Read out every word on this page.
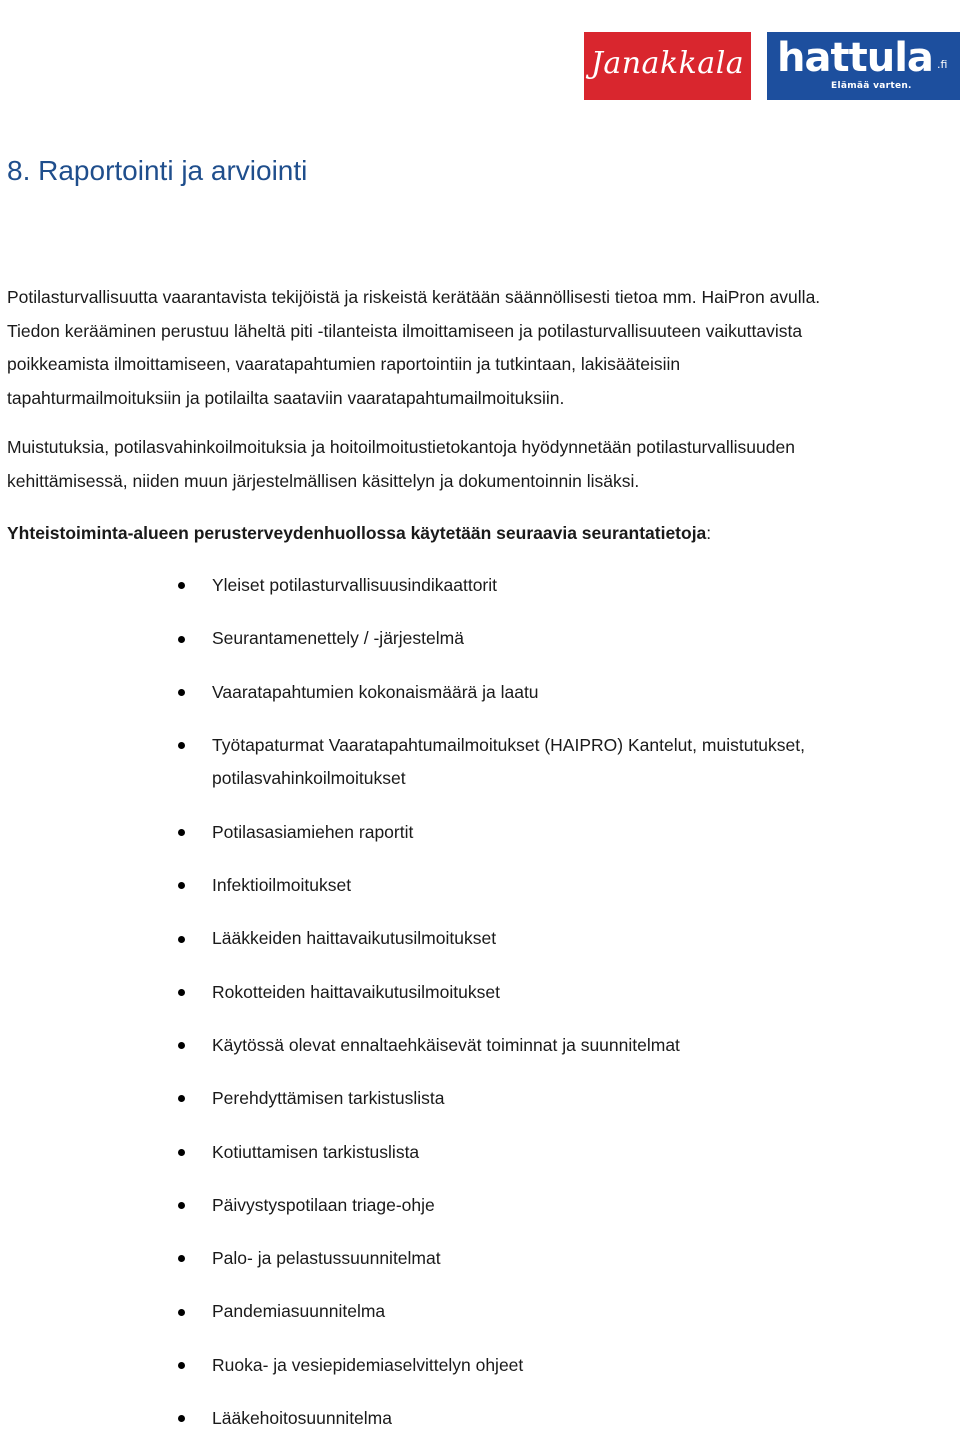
Janakkala hattula .fi
Elämää varten.
8. Raportointi ja arviointi

Potilasturvallisuutta vaarantavista tekijöistä ja riskeistä kerätään säännöllisesti tietoa mm. HaiPron avulla.
Tiedon kerääminen perustuu läheltä piti -tilanteista ilmoittamiseen ja potilasturvallisuuteen vaikuttavista
poikkeamista ilmoittamiseen, vaaratapahtumien raportointiin ja tutkintaan, lakisääteisiin
tapahturmailmoituksiin ja potilailta saataviin vaaratapahtumailmoituksiin.

Muistutuksia, potilasvahinkoilmoituksia ja hoitoilmoitustietokantoja hyödynnetään potilasturvallisuuden
kehittämisessä, niiden muun järjestelmällisen käsittelyn ja dokumentoinnin lisäksi.

Yhteistoiminta-alueen perusterveydenhuollossa käytetään seuraavia seurantatietoja:

Yleiset potilasturvallisuusindikaattorit
Seurantamenettely / -järjestelmä
Vaaratapahtumien kokonaismäärä ja laatu
Työtapaturmat Vaaratapahtumailmoitukset (HAIPRO) Kantelut, muistutukset,
potilasvahinkoilmoitukset
Potilasasiamiehen raportit
Infektioilmoitukset
Lääkkeiden haittavaikutusilmoitukset
Rokotteiden haittavaikutusilmoitukset
Käytössä olevat ennaltaehkäisevät toiminnat ja suunnitelmat
Perehdyttämisen tarkistuslista
Kotiuttamisen tarkistuslista
Päivystyspotilaan triage-ohje
Palo- ja pelastussuunnitelmat
Pandemiasuunnitelma
Ruoka- ja vesiepidemiaselvittelyn ohjeet
Lääkehoitosuunnitelma
